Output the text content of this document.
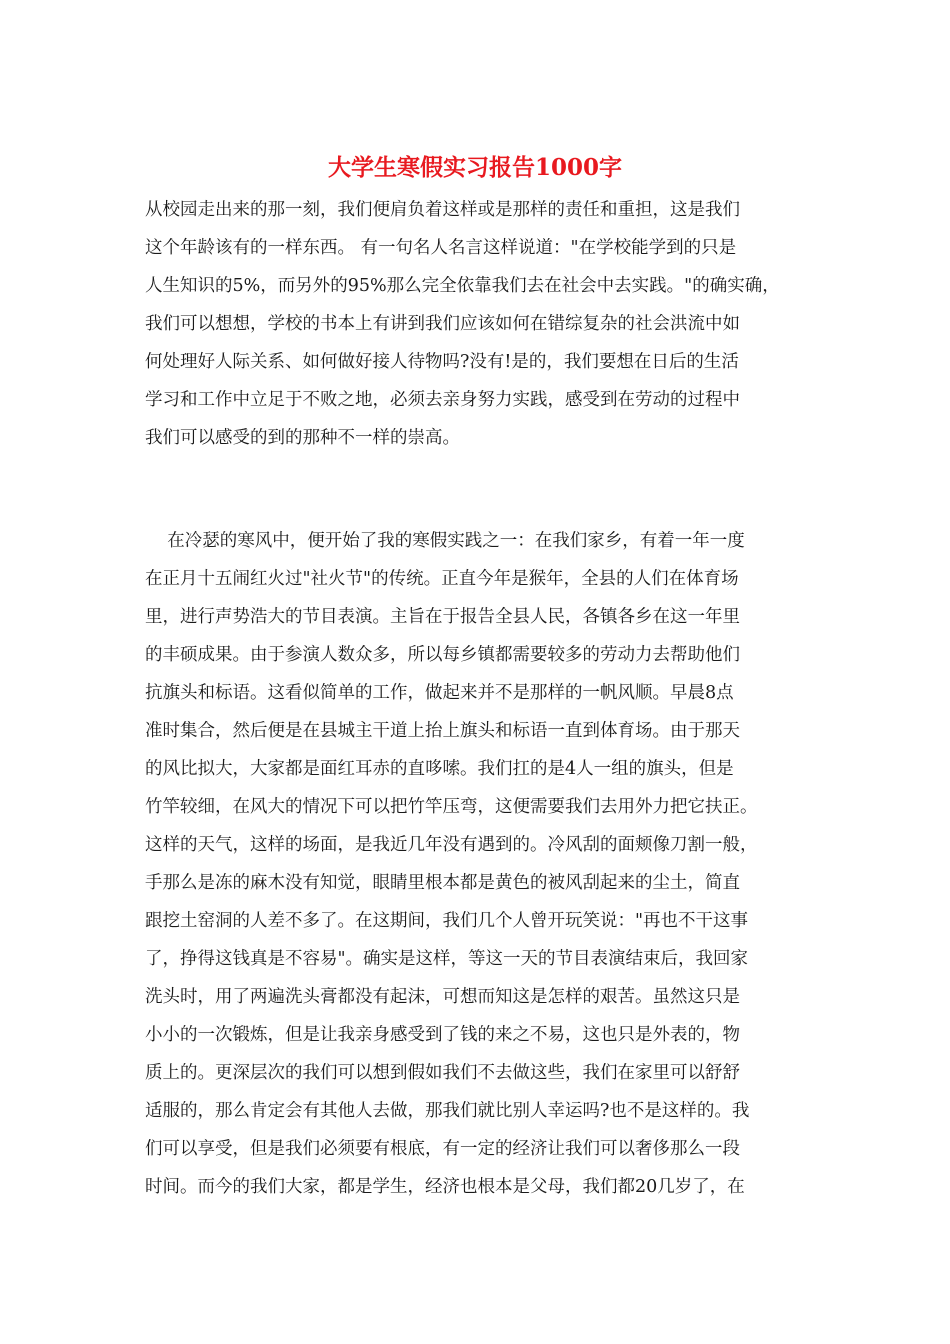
大学生寒假实习报告1000字

从校园走出来的那一刻，我们便肩负着这样或是那样的责任和重担，这是我们

这个年龄该有的一样东西。 有一句名人名言这样说道："在学校能学到的只是

人生知识的5%，而另外的95%那么完全依靠我们去在社会中去实践。"的确实确，

我们可以想想，学校的书本上有讲到我们应该如何在错综复杂的社会洪流中如

何处理好人际关系、如何做好接人待物吗?没有!是的，我们要想在日后的生活

学习和工作中立足于不败之地，必须去亲身努力实践，感受到在劳动的过程中

我们可以感受的到的那种不一样的崇高。

在冷瑟的寒风中，便开始了我的寒假实践之一：在我们家乡，有着一年一度

在正月十五闹红火过"社火节"的传统。正直今年是猴年，全县的人们在体育场

里，进行声势浩大的节目表演。主旨在于报告全县人民，各镇各乡在这一年里

的丰硕成果。由于参演人数众多，所以每乡镇都需要较多的劳动力去帮助他们

抗旗头和标语。这看似简单的工作，做起来并不是那样的一帆风顺。早晨8点

准时集合，然后便是在县城主干道上抬上旗头和标语一直到体育场。由于那天

的风比拟大，大家都是面红耳赤的直哆嗦。我们扛的是4人一组的旗头，但是

竹竿较细，在风大的情况下可以把竹竿压弯，这便需要我们去用外力把它扶正。

这样的天气，这样的场面，是我近几年没有遇到的。冷风刮的面颊像刀割一般，

手那么是冻的麻木没有知觉，眼睛里根本都是黄色的被风刮起来的尘土，简直

跟挖土窑洞的人差不多了。在这期间，我们几个人曾开玩笑说："再也不干这事

了，挣得这钱真是不容易"。确实是这样，等这一天的节目表演结束后，我回家

洗头时，用了两遍洗头膏都没有起沫，可想而知这是怎样的艰苦。虽然这只是

小小的一次锻炼，但是让我亲身感受到了钱的来之不易，这也只是外表的，物

质上的。更深层次的我们可以想到假如我们不去做这些，我们在家里可以舒舒

适服的，那么肯定会有其他人去做，那我们就比别人幸运吗?也不是这样的。我

们可以享受，但是我们必须要有根底，有一定的经济让我们可以奢侈那么一段

时间。而今的我们大家，都是学生，经济也根本是父母，我们都20几岁了，在
